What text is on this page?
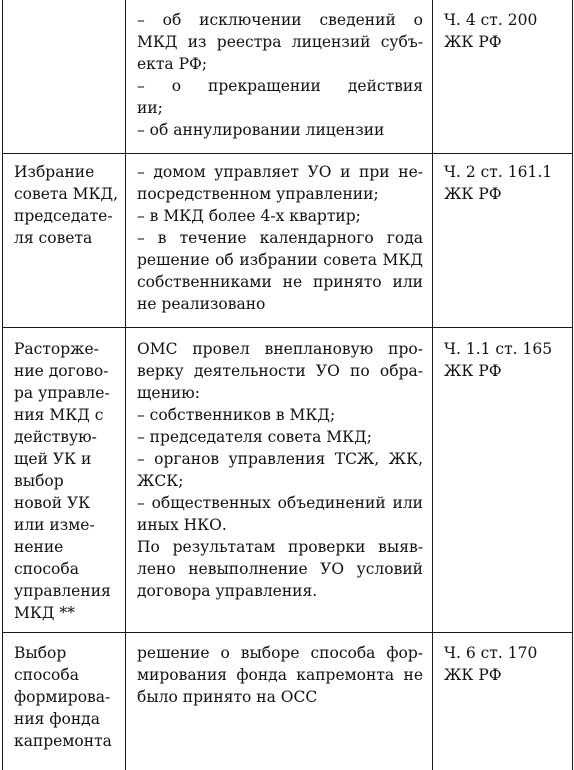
– об исключении сведений о
МКД из реестра лицензий субъ-
екта РФ;
– о прекращении действия
ии;
– об аннулировании лицензии
Ч. 4 ст. 200
ЖК РФ
Избрание
совета МКД,
председате-
ля совета
– домом управляет УО и при не-
посредственном управлении;
– в МКД более 4-х квартир;
– в течение календарного года
решение об избрании совета МКД
собственниками не принято или
не реализовано
Ч. 2 ст. 161.1
ЖК РФ
Расторже-
ние догово-
ра управле-
ния МКД с
действую-
щей УК и
выбор
новой УК
или изме-
нение
способа
управления
МКД **
ОМС провел внеплановую про-
верку деятельности УО по обра-
щению:
– собственников в МКД;
– председателя совета МКД;
– органов управления ТСЖ, ЖК,
ЖСК;
– общественных объединений или
иных НКО.
По результатам проверки выяв-
лено невыполнение УО условий
договора управления.
Ч. 1.1 ст. 165
ЖК РФ
Выбор
способа
формирова-
ния фонда
капремонта
решение о выборе способа фор-
мирования фонда капремонта не
было принято на ОСС
Ч. 6 ст. 170
ЖК РФ
